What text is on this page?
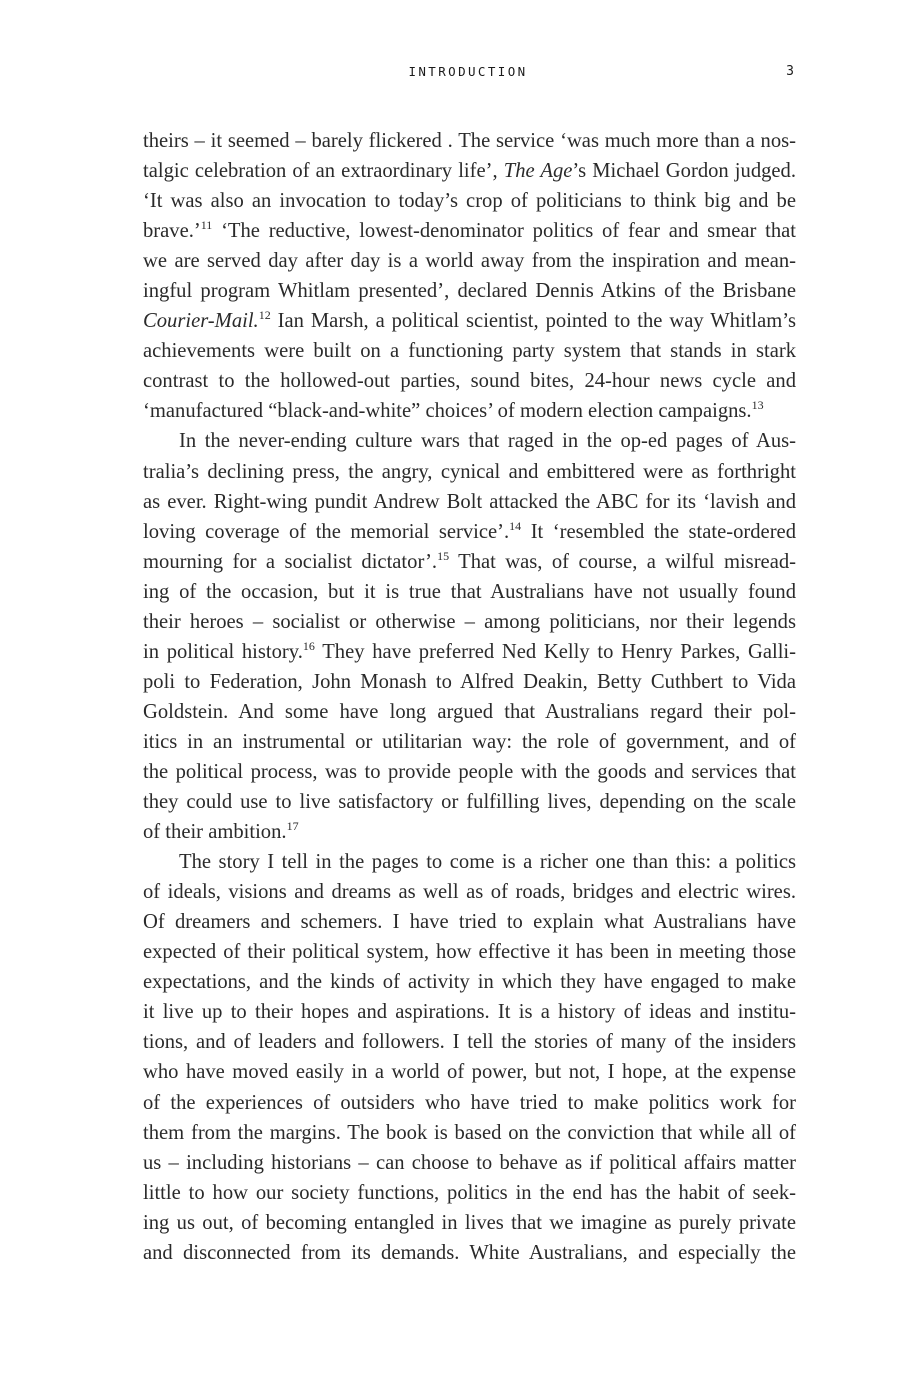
INTRODUCTION	3
theirs – it seemed – barely flickered . The service ‘was much more than a nos-
talgic celebration of an extraordinary life’, The Age’s Michael Gordon judged.
‘It was also an invocation to today’s crop of politicians to think big and be
brave.’$^{11}$ ‘The reductive, lowest-denominator politics of fear and smear that
we are served day after day is a world away from the inspiration and mean-
ingful program Whitlam presented’, declared Dennis Atkins of the Brisbane
Courier-Mail.$^{12}$ Ian Marsh, a political scientist, pointed to the way Whitlam’s
achievements were built on a functioning party system that stands in stark
contrast to the hollowed-out parties, sound bites, 24-hour news cycle and
‘manufactured “black-and-white” choices’ of modern election campaigns.$^{13}$
In the never-ending culture wars that raged in the op-ed pages of Aus-
tralia’s declining press, the angry, cynical and embittered were as forthright
as ever. Right-wing pundit Andrew Bolt attacked the ABC for its ‘lavish and
loving coverage of the memorial service’.$^{14}$ It ‘resembled the state-ordered
mourning for a socialist dictator’.$^{15}$ That was, of course, a wilful misread-
ing of the occasion, but it is true that Australians have not usually found
their heroes – socialist or otherwise – among politicians, nor their legends
in political history.$^{16}$ They have preferred Ned Kelly to Henry Parkes, Galli-
poli to Federation, John Monash to Alfred Deakin, Betty Cuthbert to Vida
Goldstein. And some have long argued that Australians regard their pol-
itics in an instrumental or utilitarian way: the role of government, and of
the political process, was to provide people with the goods and services that
they could use to live satisfactory or fulfilling lives, depending on the scale
of their ambition.$^{17}$
The story I tell in the pages to come is a richer one than this: a politics
of ideals, visions and dreams as well as of roads, bridges and electric wires.
Of dreamers and schemers. I have tried to explain what Australians have
expected of their political system, how effective it has been in meeting those
expectations, and the kinds of activity in which they have engaged to make
it live up to their hopes and aspirations. It is a history of ideas and institu-
tions, and of leaders and followers. I tell the stories of many of the insiders
who have moved easily in a world of power, but not, I hope, at the expense
of the experiences of outsiders who have tried to make politics work for
them from the margins. The book is based on the conviction that while all of
us – including historians – can choose to behave as if political affairs matter
little to how our society functions, politics in the end has the habit of seek-
ing us out, of becoming entangled in lives that we imagine as purely private
and disconnected from its demands. White Australians, and especially the
